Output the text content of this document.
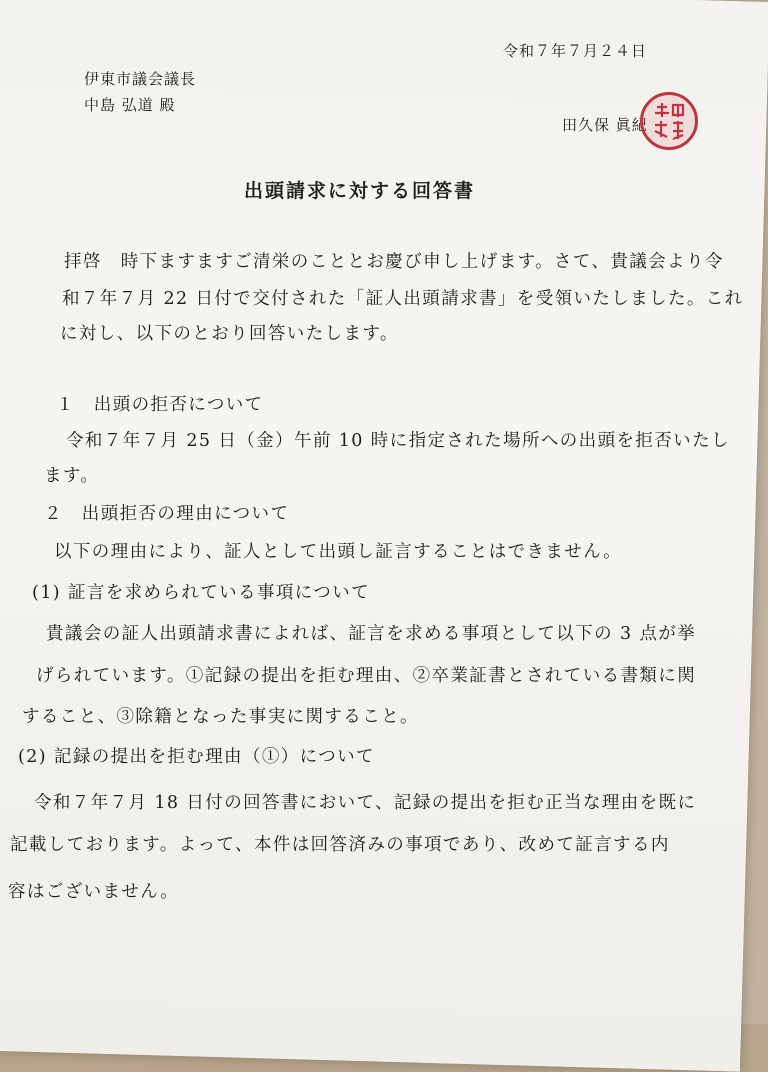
令和７年７月２４日
伊東市議会議長
中島 弘道 殿
田久保 眞紀
出頭請求に対する回答書
拝啓　時下ますますご清栄のこととお慶び申し上げます。さて、貴議会より令
和７年７月 22 日付で交付された「証人出頭請求書」を受領いたしました。これ
に対し、以下のとおり回答いたします。
１　出頭の拒否について
令和７年７月 25 日（金）午前 10 時に指定された場所への出頭を拒否いたし
ます。
２　出頭拒否の理由について
以下の理由により、証人として出頭し証言することはできません。
(1) 証言を求められている事項について
貴議会の証人出頭請求書によれば、証言を求める事項として以下の 3 点が挙
げられています。①記録の提出を拒む理由、②卒業証書とされている書類に関
すること、③除籍となった事実に関すること。
(2) 記録の提出を拒む理由（①）について
令和７年７月 18 日付の回答書において、記録の提出を拒む正当な理由を既に
記載しております。よって、本件は回答済みの事項であり、改めて証言する内
容はございません。
